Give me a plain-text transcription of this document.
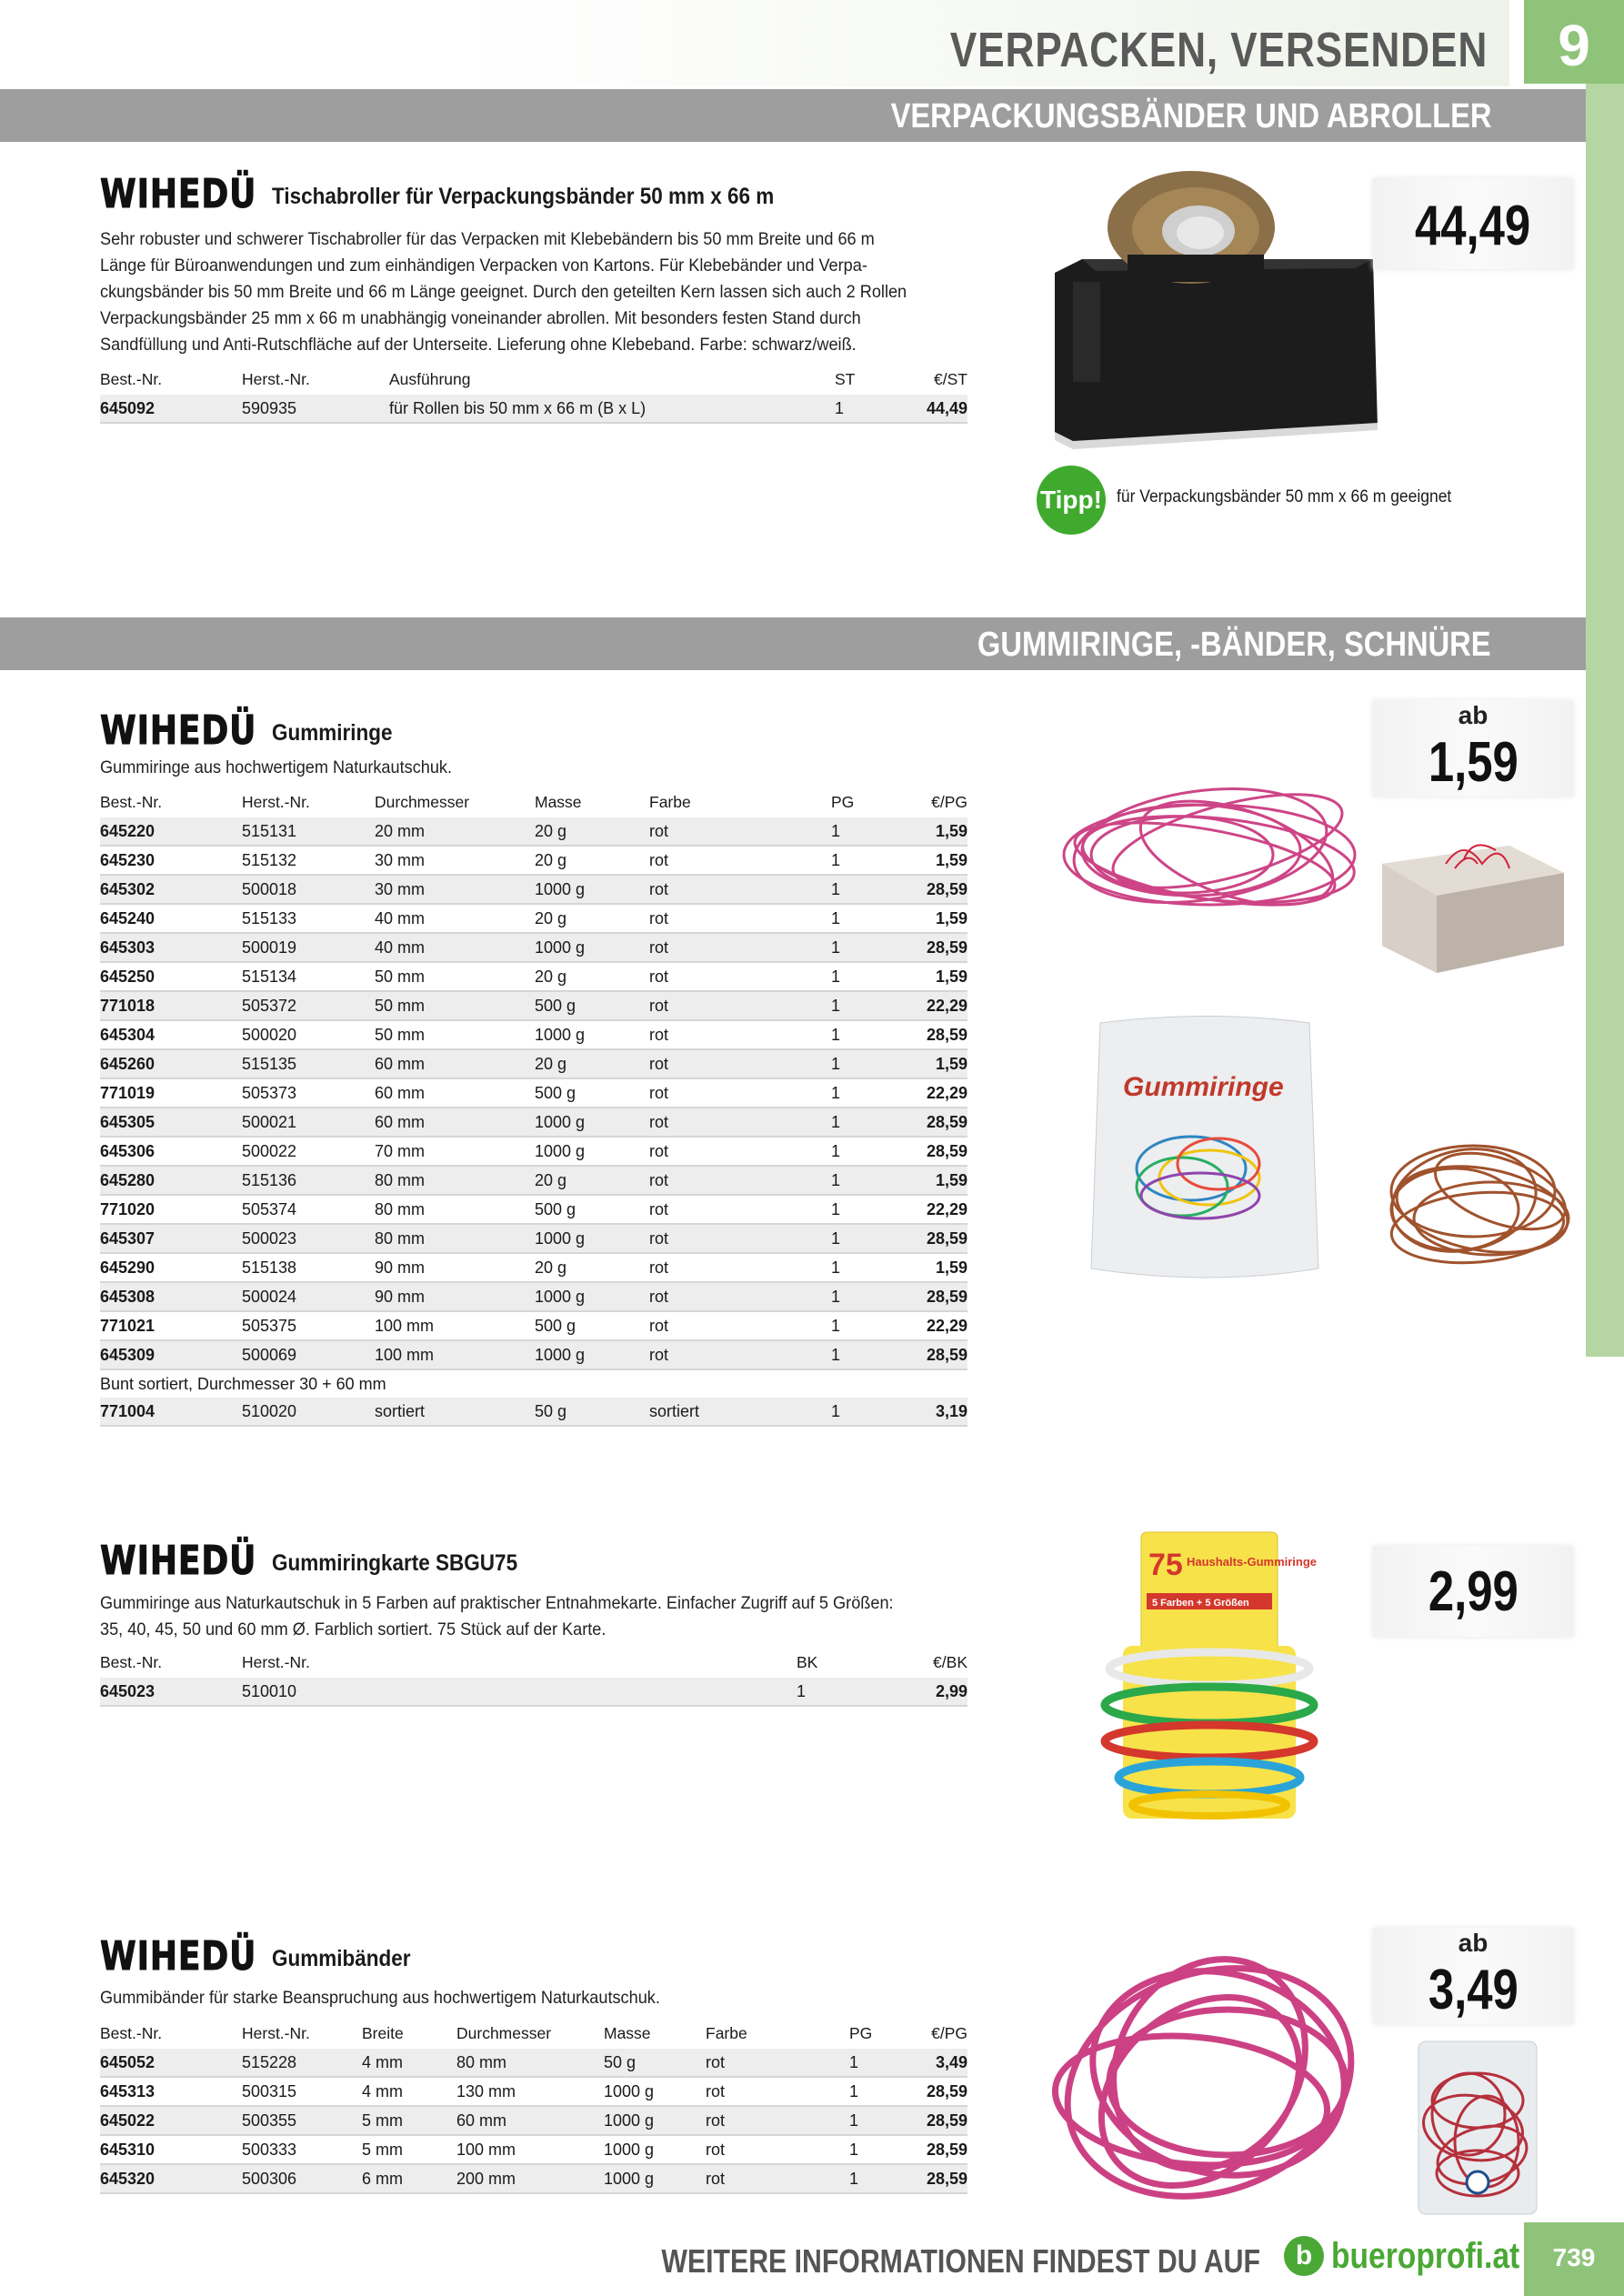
VERPACKEN, VERSENDEN	9
VERPACKUNGSBÄNDER UND ABROLLER
WIHEDÜ Tischabroller für Verpackungsbänder 50 mm x 66 m
Sehr robuster und schwerer Tischabroller für das Verpacken mit Klebebändern bis 50 mm Breite und 66 m
Länge für Büroanwendungen und zum einhändigen Verpacken von Kartons. Für Klebebänder und Verpa-
ckungsbänder bis 50 mm Breite und 66 m Länge geeignet. Durch den geteilten Kern lassen sich auch 2 Rollen
Verpackungsbänder 25 mm x 66 m unabhängig voneinander abrollen. Mit besonders festen Stand durch
Sandfüllung und Anti-Rutschfläche auf der Unterseite. Lieferung ohne Klebeband. Farbe: schwarz/weiß.
Best.-Nr.	Herst.-Nr.	Ausführung	ST	€/ST
645092	590935	für Rollen bis 50 mm x 66 m (B x L)	1	44,49
44,49
Tipp! für Verpackungsbänder 50 mm x 66 m geeignet
GUMMIRINGE, -BÄNDER, SCHNÜRE
WIHEDÜ Gummiringe
Gummiringe aus hochwertigem Naturkautschuk.
Best.-Nr.	Herst.-Nr.	Durchmesser	Masse	Farbe	PG	€/PG
645220	515131	20 mm	20 g	rot	1	1,59
645230	515132	30 mm	20 g	rot	1	1,59
645302	500018	30 mm	1000 g	rot	1	28,59
645240	515133	40 mm	20 g	rot	1	1,59
645303	500019	40 mm	1000 g	rot	1	28,59
645250	515134	50 mm	20 g	rot	1	1,59
771018	505372	50 mm	500 g	rot	1	22,29
645304	500020	50 mm	1000 g	rot	1	28,59
645260	515135	60 mm	20 g	rot	1	1,59
771019	505373	60 mm	500 g	rot	1	22,29
645305	500021	60 mm	1000 g	rot	1	28,59
645306	500022	70 mm	1000 g	rot	1	28,59
645280	515136	80 mm	20 g	rot	1	1,59
771020	505374	80 mm	500 g	rot	1	22,29
645307	500023	80 mm	1000 g	rot	1	28,59
645290	515138	90 mm	20 g	rot	1	1,59
645308	500024	90 mm	1000 g	rot	1	28,59
771021	505375	100 mm	500 g	rot	1	22,29
645309	500069	100 mm	1000 g	rot	1	28,59
Bunt sortiert, Durchmesser 30 + 60 mm						
771004	510020	sortiert	50 g	sortiert	1	3,19
Gummiringe
ab
1,59
WIHEDÜ Gummiringkarte SBGU75
Gummiringe aus Naturkautschuk in 5 Farben auf praktischer Entnahmekarte. Einfacher Zugriff auf 5 Größen:
35, 40, 45, 50 und 60 mm Ø. Farblich sortiert. 75 Stück auf der Karte.
Best.-Nr.	Herst.-Nr.	BK	€/BK
645023	510010	1	2,99
75 Haushalts-Gummiringe
5 Farben + 5 Größen	2,99
WIHEDÜ Gummibänder
Gummibänder für starke Beanspruchung aus hochwertigem Naturkautschuk.
Best.-Nr.	Herst.-Nr.	Breite	Durchmesser	Masse	Farbe	PG	€/PG
645052	515228	4 mm	80 mm	50 g	rot	1	3,49
645313	500315	4 mm	130 mm	1000 g	rot	1	28,59
645022	500355	5 mm	60 mm	1000 g	rot	1	28,59
645310	500333	5 mm	100 mm	1000 g	rot	1	28,59
645320	500306	6 mm	200 mm	1000 g	rot	1	28,59
ab
3,49
WEITERE INFORMATIONEN FINDEST DU AUF	b bueroprofi.at	739
